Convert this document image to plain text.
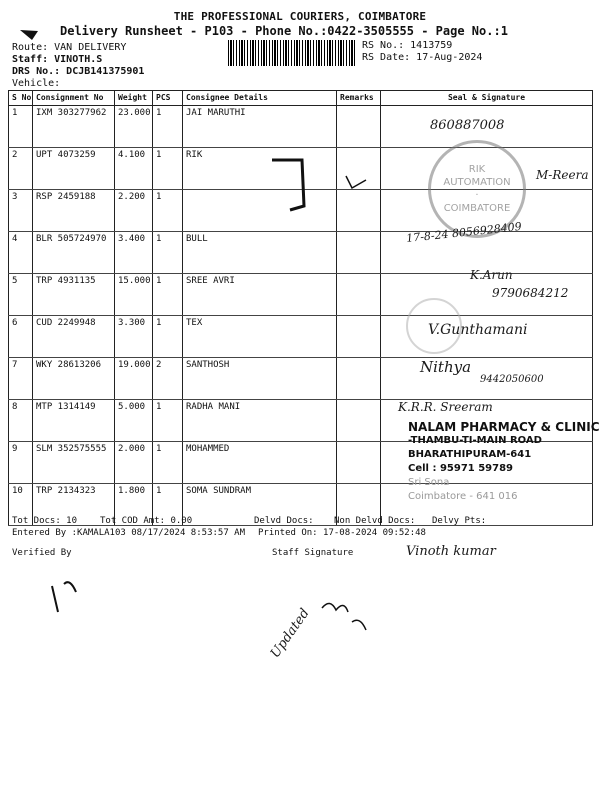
THE PROFESSIONAL COURIERS, COIMBATORE
Delivery Runsheet - P103 - Phone No.:0422-3505555 - Page No.:1
Route: VAN DELIVERY
Staff: VINOTH.S
DRS No.: DCJB141375901
Vehicle:
RS No.: 1413759
RS Date: 17-Aug-2024
S No	Consignment No	Weight	PCS	Consignee Details	Remarks	Seal & Signature
1	IXM 303277962	23.000	1	JAI MARUTHI		
2	UPT 4073259	4.100	1	RIK		
3	RSP 2459188	2.200	1			
4	BLR 505724970	3.400	1	BULL		
5	TRP 4931135	15.000	1	SREE AVRI		
6	CUD 2249948	3.300	1	TEX		
7	WKY 28613206	19.000	2	SANTHOSH		
8	MTP 1314149	5.000	1	RADHA MANI		
9	SLM 352575555	2.000	1	MOHAMMED		
10	TRP 2134323	1.800	1	SOMA SUNDRAM		
RIK AUTOMATION · COIMBATORE
NALAM PHARMACY & CLINIC
-THAMBU-TI-MAIN ROAD
BHARATHIPURAM-641
Cell : 95971 59789
Sri Sona
Coimbatore - 641 016
860887008
M-Reera
17-8-24 8056928409
K.Arun
9790684212
V.Gunthamani
Nithya
9442050600
K.R.R. Sreeram
Vinoth kumar
Updated
Tot Docs: 10	Tot COD Amt: 0.00	Delvd Docs: Non Delvd Docs: Delvy Pts:
Entered By :KAMALA103 08/17/2024 8:53:57 AM Printed On: 17-08-2024 09:52:48
Verified By	Staff Signature
